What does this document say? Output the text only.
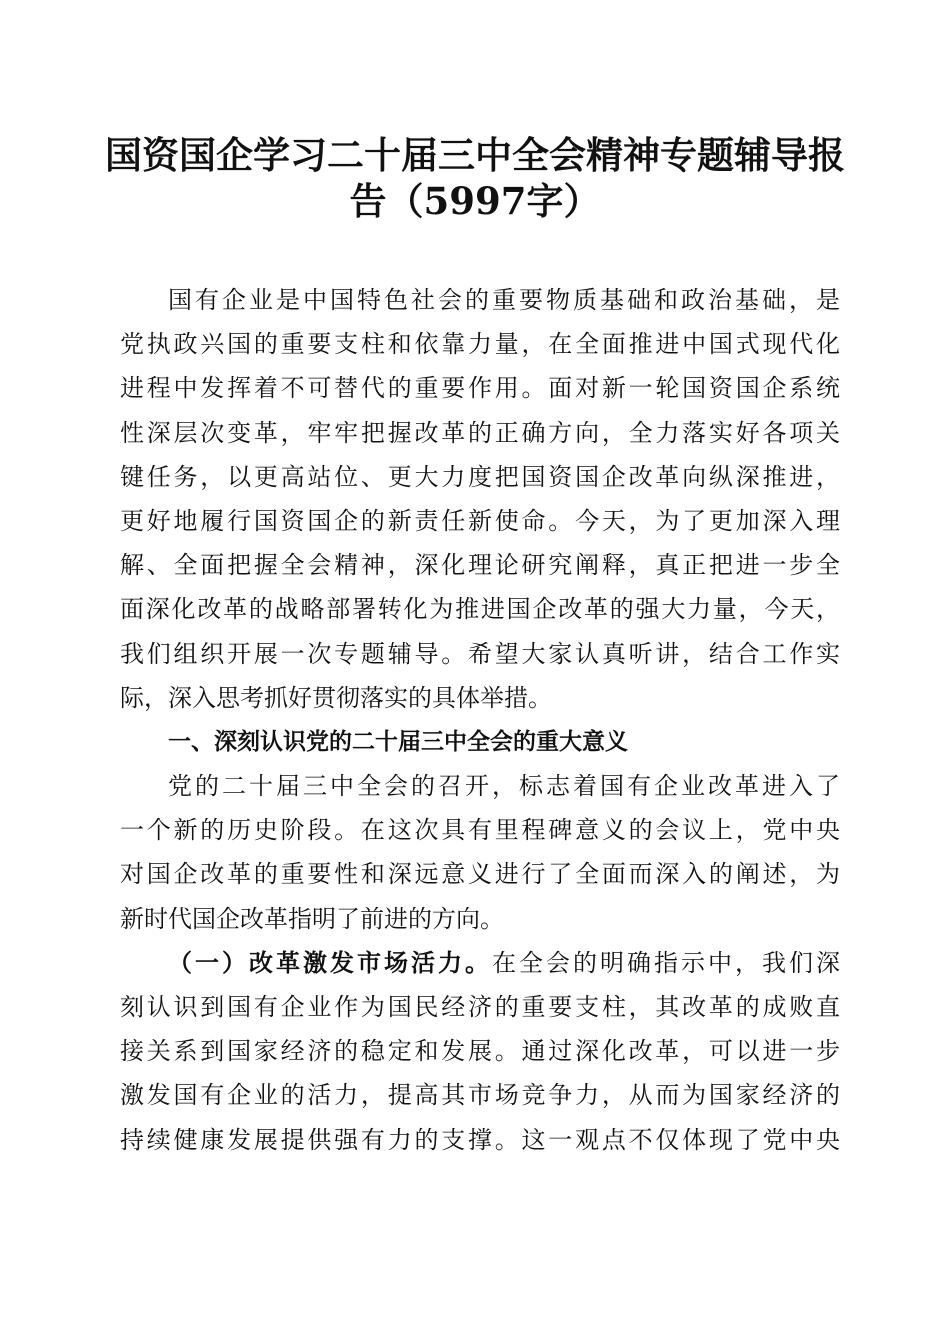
国资国企学习二十届三中全会精神专题辅导报
告（5997字）
国有企业是中国特色社会的重要物质基础和政治基础，是
党执政兴国的重要支柱和依靠力量，在全面推进中国式现代化
进程中发挥着不可替代的重要作用。面对新一轮国资国企系统
性深层次变革，牢牢把握改革的正确方向，全力落实好各项关
键任务，以更高站位、更大力度把国资国企改革向纵深推进，
更好地履行国资国企的新责任新使命。今天，为了更加深入理
解、全面把握全会精神，深化理论研究阐释，真正把进一步全
面深化改革的战略部署转化为推进国企改革的强大力量，今天，
我们组织开展一次专题辅导。希望大家认真听讲，结合工作实
际，深入思考抓好贯彻落实的具体举措。
一、深刻认识党的二十届三中全会的重大意义
党的二十届三中全会的召开，标志着国有企业改革进入了
一个新的历史阶段。在这次具有里程碑意义的会议上，党中央
对国企改革的重要性和深远意义进行了全面而深入的阐述，为
新时代国企改革指明了前进的方向。
（一）改革激发市场活力。在全会的明确指示中，我们深
刻认识到国有企业作为国民经济的重要支柱，其改革的成败直
接关系到国家经济的稳定和发展。通过深化改革，可以进一步
激发国有企业的活力，提高其市场竞争力，从而为国家经济的
持续健康发展提供强有力的支撑。这一观点不仅体现了党中央
